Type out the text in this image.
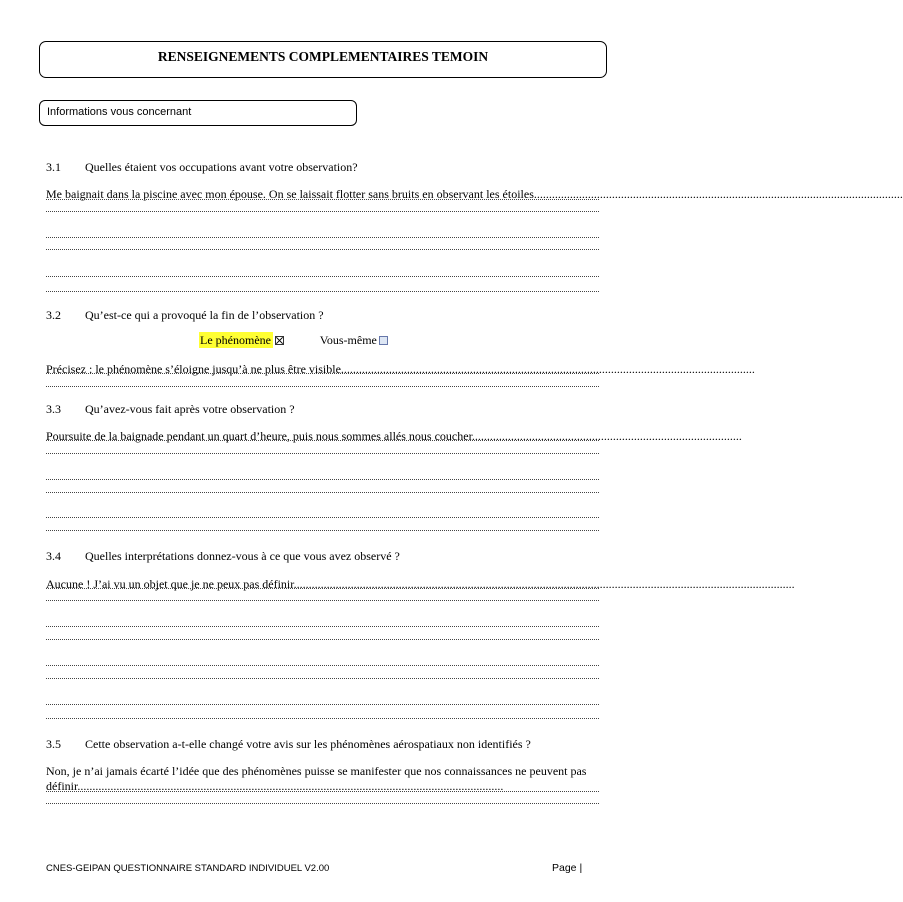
RENSEIGNEMENTS COMPLEMENTAIRES TEMOIN
Informations vous concernant
3.1 Quelles étaient vos occupations avant votre observation?
Me baignait dans la piscine avec mon épouse. On se laissait flotter sans bruits en observant les étoiles...........................................................................................................................
3.2 Qu’est-ce qui a provoqué la fin de l’observation ?
Le phénomène	Vous-même
Précisez : le phénomène s’éloigne jusqu’à ne plus être visible..........................................................................................................................................
3.3 Qu’avez-vous fait après votre observation ?
Poursuite de la baignade pendant un quart d’heure, puis nous sommes allés nous coucher..........................................................................................
3.4 Quelles interprétations donnez-vous à ce que vous avez observé ?
Aucune ! J’ai vu un objet que je ne peux pas définir.......................................................................................................................................................................
3.5 Cette observation a-t-elle changé votre avis sur les phénomènes aérospatiaux non identifiés ?
Non, je n’ai jamais écarté l’idée que des phénomènes puisse se manifester que nos connaissances ne peuvent pas définir..............................................................................................................................................
CNES-GEIPAN QUESTIONNAIRE STANDARD INDIVIDUEL V2.00	Page |
